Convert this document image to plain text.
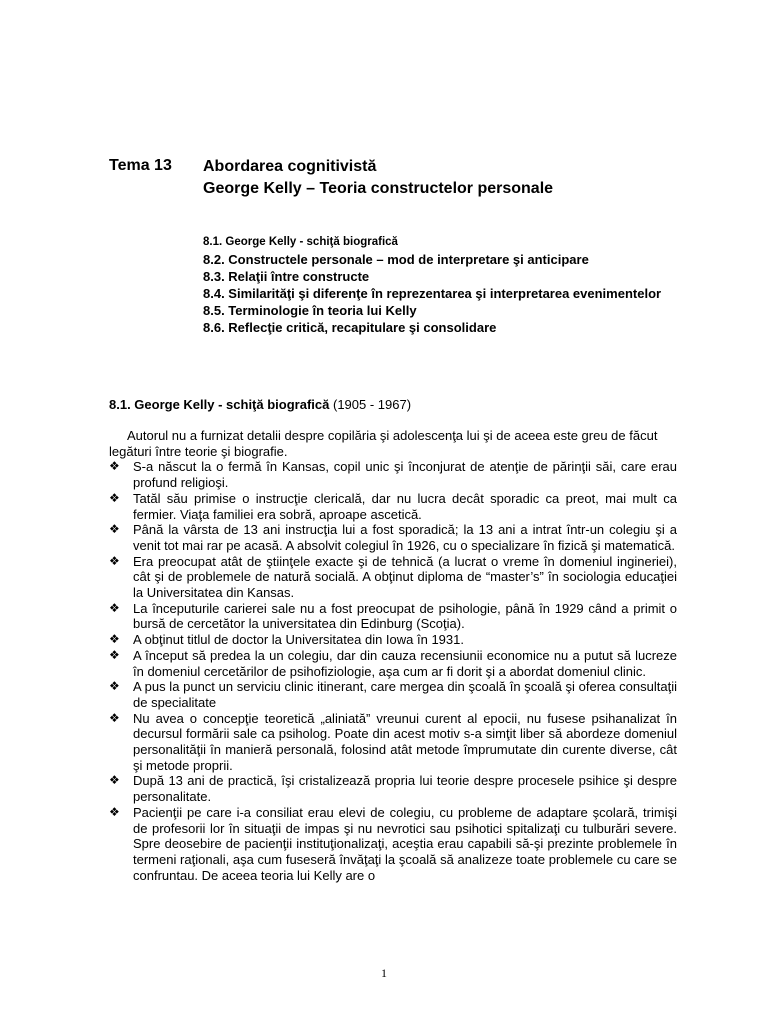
Tema 13 Abordarea cognitivistă
George Kelly – Teoria constructelor personale
8.1. George Kelly - schiţă biografică
8.2. Constructele personale – mod de interpretare şi anticipare
8.3. Relaţii între constructe
8.4. Similarităţi şi diferenţe în reprezentarea şi interpretarea evenimentelor
8.5. Terminologie în teoria lui Kelly
8.6. Reflecţie critică, recapitulare şi consolidare
8.1. George Kelly - schiţă biografică (1905 - 1967)

Autorul nu a furnizat detalii despre copilăria şi adolescenţa lui şi de aceea este greu de făcut legături între teorie şi biografie.

❖ S-a născut la o fermă în Kansas, copil unic şi înconjurat de atenţie de părinţii săi, care erau profund religioşi.
❖ Tatăl său primise o instrucţie clericală, dar nu lucra decât sporadic ca preot, mai mult ca fermier. Viaţa familiei era sobră, aproape ascetică.
❖ Până la vârsta de 13 ani instrucţia lui a fost sporadică; la 13 ani a intrat într-un colegiu şi a venit tot mai rar pe acasă. A absolvit colegiul în 1926, cu o specializare în fizică şi matematică.
❖ Era preocupat atât de ştiinţele exacte şi de tehnică (a lucrat o vreme în domeniul ingineriei), cât şi de problemele de natură socială. A obţinut diploma de “master’s” în sociologia educaţiei la Universitatea din Kansas.
❖ La începuturile carierei sale nu a fost preocupat de psihologie, până în 1929 când a primit o bursă de cercetător la universitatea din Edinburg (Scoţia).
❖ A obţinut titlul de doctor la Universitatea din Iowa în 1931.
❖ A început să predea la un colegiu, dar din cauza recensiunii economice nu a putut să lucreze în domeniul cercetărilor de psihofiziologie, aşa cum ar fi dorit şi a abordat domeniul clinic.
❖ A pus la punct un serviciu clinic itinerant, care mergea din şcoală în şcoală şi oferea consultaţii de specialitate
❖ Nu avea o concepţie teoretică „aliniată” vreunui curent al epocii, nu fusese psihanalizat în decursul formării sale ca psiholog. Poate din acest motiv s-a simţit liber să abordeze domeniul personalităţii în manieră personală, folosind atât metode împrumutate din curente diverse, cât şi metode proprii.
❖ După 13 ani de practică, îşi cristalizează propria lui teorie despre procesele psihice şi despre personalitate.
❖ Pacienţii pe care i-a consiliat erau elevi de colegiu, cu probleme de adaptare şcolară, trimişi de profesorii lor în situaţii de impas şi nu nevrotici sau psihotici spitalizaţi cu tulburări severe. Spre deosebire de pacienţii instituţionalizaţi, aceştia erau capabili să-şi prezinte problemele în termeni raţionali, aşa cum fuseseră învăţaţi la şcoală să analizeze toate problemele cu care se confruntau. De aceea teoria lui Kelly are o
1
